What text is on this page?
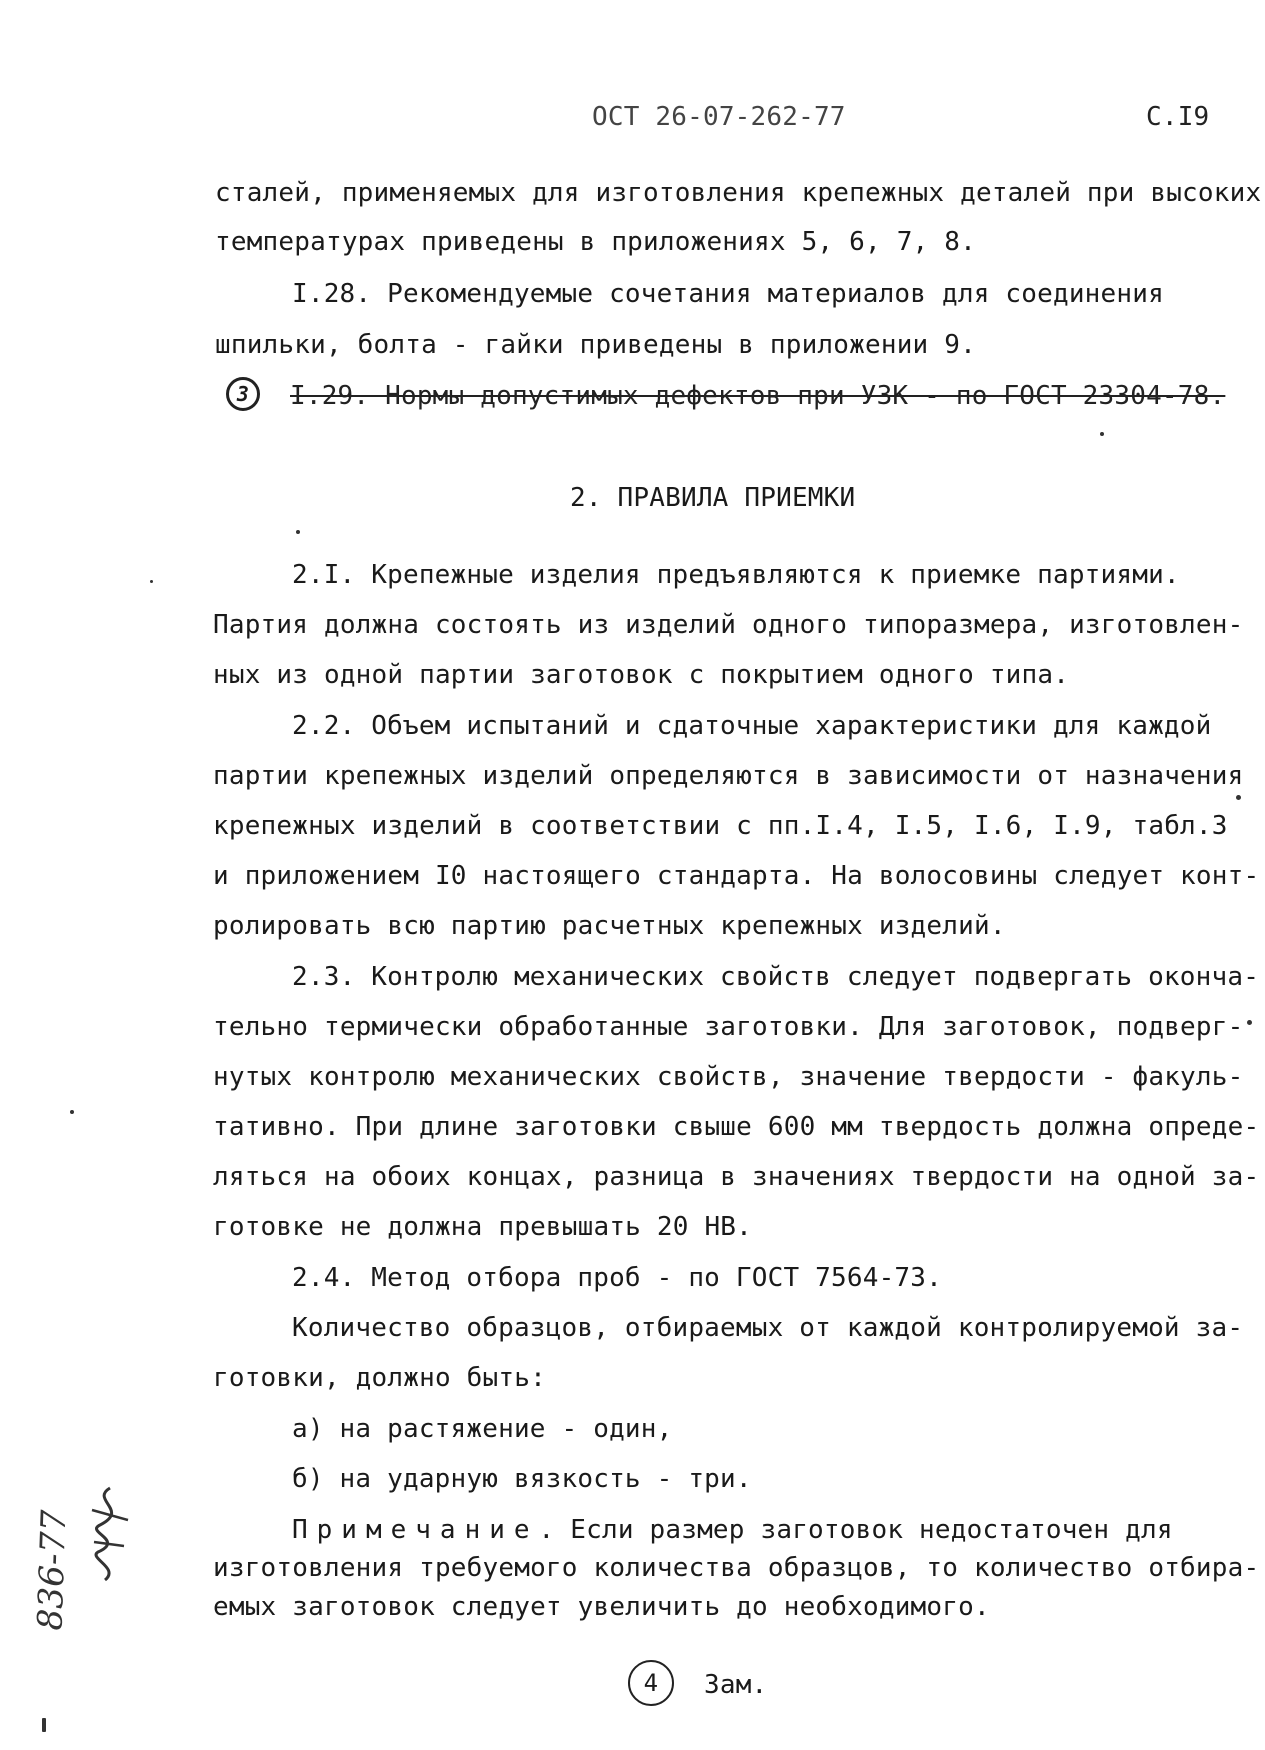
ОСТ 26-07-262-77	С.I9
сталей, применяемых для изготовления крепежных деталей при высоких
температурах приведены в приложениях 5, 6, 7, 8.
I.28. Рекомендуемые сочетания материалов для соединения
шпильки, болта - гайки приведены в приложении 9.
3	I.29. Нормы допустимых дефектов при УЗК - по ГОСТ 23304-78.
2. ПРАВИЛА ПРИЕМКИ
2.I. Крепежные изделия предъявляются к приемке партиями.
Партия должна состоять из изделий одного типоразмера, изготовлен-
ных из одной партии заготовок с покрытием одного типа.
2.2. Объем испытаний и сдаточные характеристики для каждой
партии крепежных изделий определяются в зависимости от назначения
крепежных изделий в соответствии с пп.I.4, I.5, I.6, I.9, табл.3
и приложением I0 настоящего стандарта. На волосовины следует конт-
ролировать всю партию расчетных крепежных изделий.
2.3. Контролю механических свойств следует подвергать оконча-
тельно термически обработанные заготовки. Для заготовок, подверг-
нутых контролю механических свойств, значение твердости - факуль-
тативно. При длине заготовки свыше 600 мм твердость должна опреде-
ляться на обоих концах, разница в значениях твердости на одной за-
готовке не должна превышать 20 НВ.
2.4. Метод отбора проб - по ГОСТ 7564-73.
Количество образцов, отбираемых от каждой контролируемой за-
готовки, должно быть:
а) на растяжение - один,
б) на ударную вязкость - три.
Примечание. Если размер заготовок недостаточен для
изготовления требуемого количества образцов, то количество отбира-
емых заготовок следует увеличить до необходимого.
4	Зам.
836-77
